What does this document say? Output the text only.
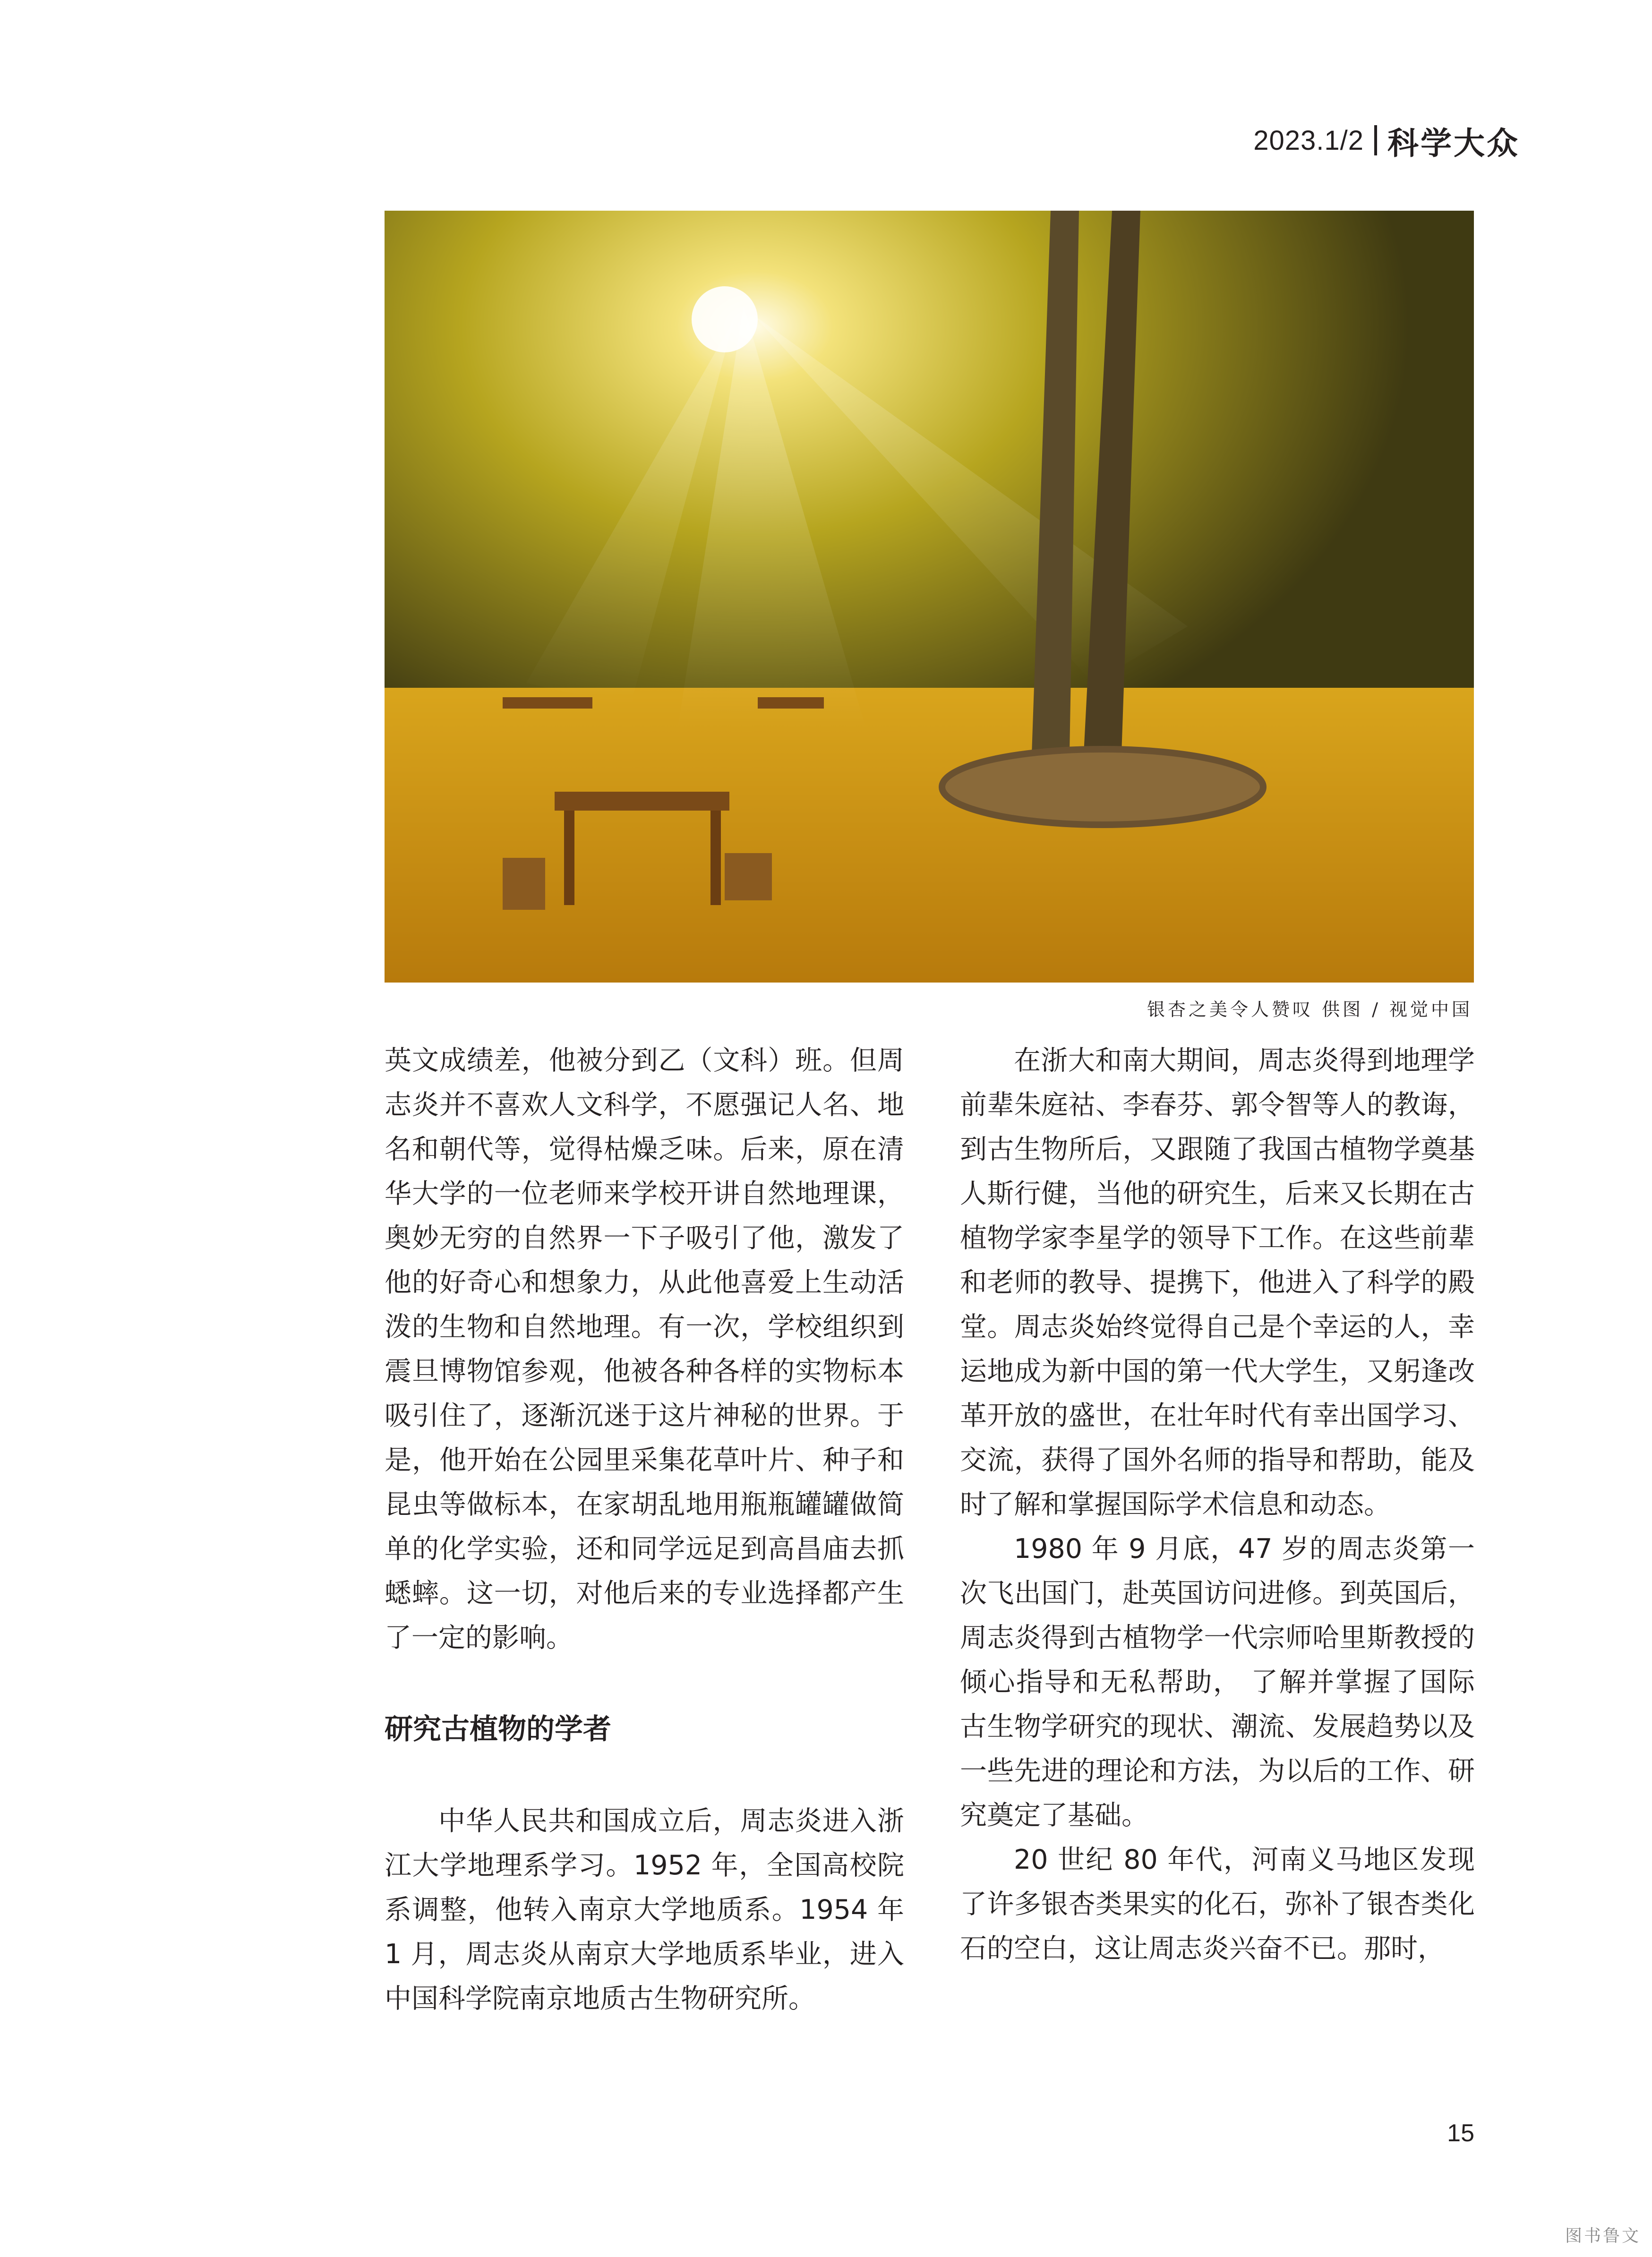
2023.1/2 科学大众
银杏之美令人赞叹 供图 / 视觉中国

英文成绩差，他被分到乙（文科）班。但周志炎并不喜欢人文科学，不愿强记人名、地名和朝代等，觉得枯燥乏味。后来，原在清华大学的一位老师来学校开讲自然地理课，奥妙无穷的自然界一下子吸引了他，激发了他的好奇心和想象力，从此他喜爱上生动活泼的生物和自然地理。有一次，学校组织到震旦博物馆参观，他被各种各样的实物标本吸引住了，逐渐沉迷于这片神秘的世界。于是，他开始在公园里采集花草叶片、种子和昆虫等做标本，在家胡乱地用瓶瓶罐罐做简单的化学实验，还和同学远足到高昌庙去抓蟋蟀。这一切，对他后来的专业选择都产生了一定的影响。

研究古植物的学者

中华人民共和国成立后，周志炎进入浙江大学地理系学习。1952 年，全国高校院系调整，他转入南京大学地质系。1954 年 1 月，周志炎从南京大学地质系毕业，进入中国科学院南京地质古生物研究所。

在浙大和南大期间，周志炎得到地理学前辈朱庭祜、李春芬、郭令智等人的教诲，到古生物所后，又跟随了我国古植物学奠基人斯行健，当他的研究生，后来又长期在古植物学家李星学的领导下工作。在这些前辈和老师的教导、提携下，他进入了科学的殿堂。周志炎始终觉得自己是个幸运的人，幸运地成为新中国的第一代大学生，又躬逢改革开放的盛世，在壮年时代有幸出国学习、交流，获得了国外名师的指导和帮助，能及时了解和掌握国际学术信息和动态。

1980 年 9 月底，47 岁的周志炎第一次飞出国门，赴英国访问进修。到英国后，周志炎得到古植物学一代宗师哈里斯教授的倾心指导和无私帮助， 了解并掌握了国际古生物学研究的现状、潮流、发展趋势以及一些先进的理论和方法，为以后的工作、研究奠定了基础。

20 世纪 80 年代，河南义马地区发现了许多银杏类果实的化石，弥补了银杏类化石的空白，这让周志炎兴奋不已。那时，

15
图书鲁文
